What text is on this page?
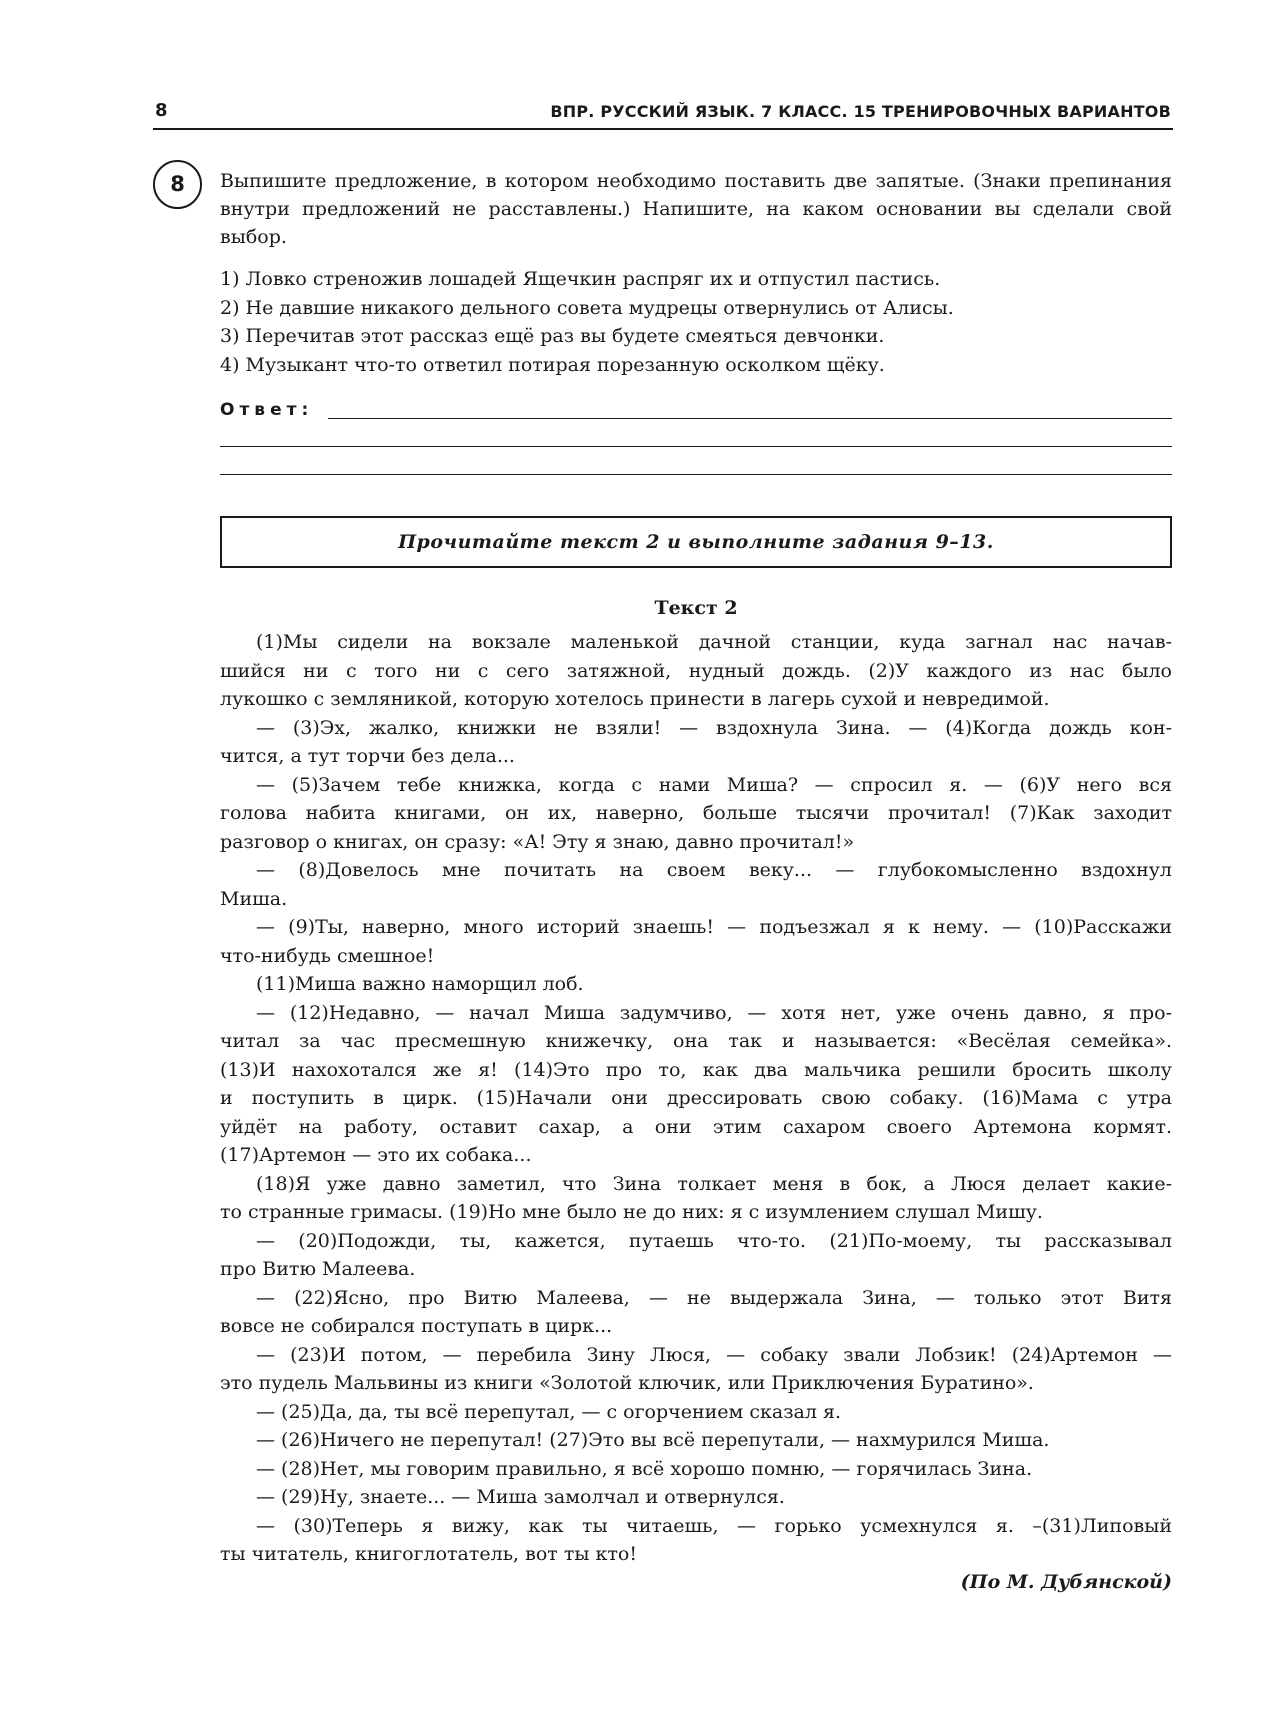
8	ВПР. РУССКИЙ ЯЗЫК. 7 КЛАСС. 15 ТРЕНИРОВОЧНЫХ ВАРИАНТОВ
8	Выпишите предложение, в котором необходимо поставить две запятые. (Знаки препинания внутри предложений не расставлены.) Напишите, на каком основании вы сделали свой выбор.

1) Ловко стреножив лошадей Ящечкин распряг их и отпустил пастись.
2) Не давшие никакого дельного совета мудрецы отвернулись от Алисы.
3) Перечитав этот рассказ ещё раз вы будете смеяться девчонки.
4) Музыкант что-то ответил потирая порезанную осколком щёку.
Ответ:
Прочитайте текст 2 и выполните задания 9–13.
Текст 2
(1)Мы сидели на вокзале маленькой дачной станции, куда загнал нас начав-
шийся ни с того ни с сего затяжной, нудный дождь. (2)У каждого из нас было
лукошко с земляникой, которую хотелось принести в лагерь сухой и невредимой.
— (3)Эх, жалко, книжки не взяли! — вздохнула Зина. — (4)Когда дождь кон-
чится, а тут торчи без дела...
— (5)Зачем тебе книжка, когда с нами Миша? — спросил я. — (6)У него вся
голова набита книгами, он их, наверно, больше тысячи прочитал! (7)Как заходит
разговор о книгах, он сразу: «А! Эту я знаю, давно прочитал!»
— (8)Довелось мне почитать на своем веку... — глубокомысленно вздохнул
Миша.
— (9)Ты, наверно, много историй знаешь! — подъезжал я к нему. — (10)Расскажи
что-нибудь смешное!
(11)Миша важно наморщил лоб.
— (12)Недавно, — начал Миша задумчиво, — хотя нет, уже очень давно, я про-
читал за час пресмешную книжечку, она так и называется: «Весёлая семейка».
(13)И нахохотался же я! (14)Это про то, как два мальчика решили бросить школу
и поступить в цирк. (15)Начали они дрессировать свою собаку. (16)Мама с утра
уйдёт на работу, оставит сахар, а они этим сахаром своего Артемона кормят.
(17)Артемон — это их собака...
(18)Я уже давно заметил, что Зина толкает меня в бок, а Люся делает какие-
то странные гримасы. (19)Но мне было не до них: я с изумлением слушал Мишу.
— (20)Подожди, ты, кажется, путаешь что-то. (21)По-моему, ты рассказывал
про Витю Малеева.
— (22)Ясно, про Витю Малеева, — не выдержала Зина, — только этот Витя
вовсе не собирался поступать в цирк...
— (23)И потом, — перебила Зину Люся, — собаку звали Лобзик! (24)Артемон —
это пудель Мальвины из книги «Золотой ключик, или Приключения Буратино».
— (25)Да, да, ты всё перепутал, — с огорчением сказал я.
— (26)Ничего не перепутал! (27)Это вы всё перепутали, — нахмурился Миша.
— (28)Нет, мы говорим правильно, я всё хорошо помню, — горячилась Зина.
— (29)Ну, знаете... — Миша замолчал и отвернулся.
— (30)Теперь я вижу, как ты читаешь, — горько усмехнулся я. –(31)Липовый
ты читатель, книгоглотатель, вот ты кто!
(По М. Дубянской)
